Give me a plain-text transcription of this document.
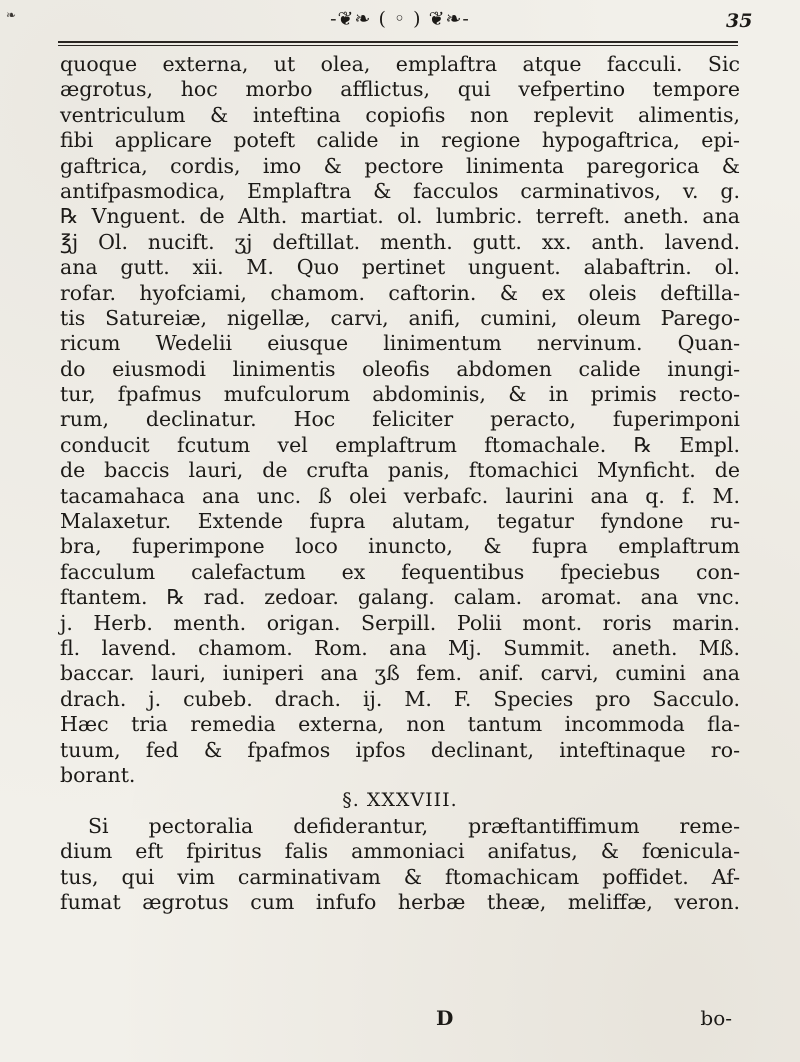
❧	-❦❧ ( ◦ ) ❦❧-	35
quoque externa, ut olea, emplaftra atque facculi. Sic
ægrotus, hoc morbo afflictus, qui vefpertino tempore
ventriculum & inteftina copiofis non replevit alimentis,
fibi applicare poteft calide in regione hypogaftrica, epi-
gaftrica, cordis, imo & pectore linimenta paregorica &
antifpasmodica, Emplaftra & facculos carminativos, v. g.
℞ Vnguent. de Alth. martiat. ol. lumbric. terreft. aneth. ana
℥j Ol. nucift. ʒj deftillat. menth. gutt. xx. anth. lavend.
ana gutt. xii. M. Quo pertinet unguent. alabaftrin. ol.
rofar. hyofciami, chamom. caftorin. & ex oleis deftilla-
tis Satureiæ, nigellæ, carvi, anifi, cumini, oleum Parego-
ricum Wedelii eiusque linimentum nervinum. Quan-
do eiusmodi linimentis oleofis abdomen calide inungi-
tur, fpafmus mufculorum abdominis, & in primis recto-
rum, declinatur. Hoc feliciter peracto, fuperimponi
conducit fcutum vel emplaftrum ftomachale. ℞ Empl.
de baccis lauri, de crufta panis, ftomachici Mynficht. de
tacamahaca ana unc. ß olei verbafc. laurini ana q. f. M.
Malaxetur. Extende fupra alutam, tegatur fyndone ru-
bra, fuperimpone loco inuncto, & fupra emplaftrum
facculum calefactum ex fequentibus fpeciebus con-
ftantem. ℞ rad. zedoar. galang. calam. aromat. ana vnc.
j. Herb. menth. origan. Serpill. Polii mont. roris marin.
fl. lavend. chamom. Rom. ana Mj. Summit. aneth. Mß.
baccar. lauri, iuniperi ana ʒß fem. anif. carvi, cumini ana
drach. j. cubeb. drach. ij. M. F. Species pro Sacculo.
Hæc tria remedia externa, non tantum incommoda fla-
tuum, fed & fpafmos ipfos declinant, inteftinaque ro-
borant.
§. XXXVIII.
Si pectoralia defiderantur, præftantiffimum reme-
dium eft fpiritus falis ammoniaci anifatus, & fœnicula-
tus, qui vim carminativam & ftomachicam poffidet. Af-
fumat ægrotus cum infufo herbæ theæ, meliffæ, veron.
D	bo-
